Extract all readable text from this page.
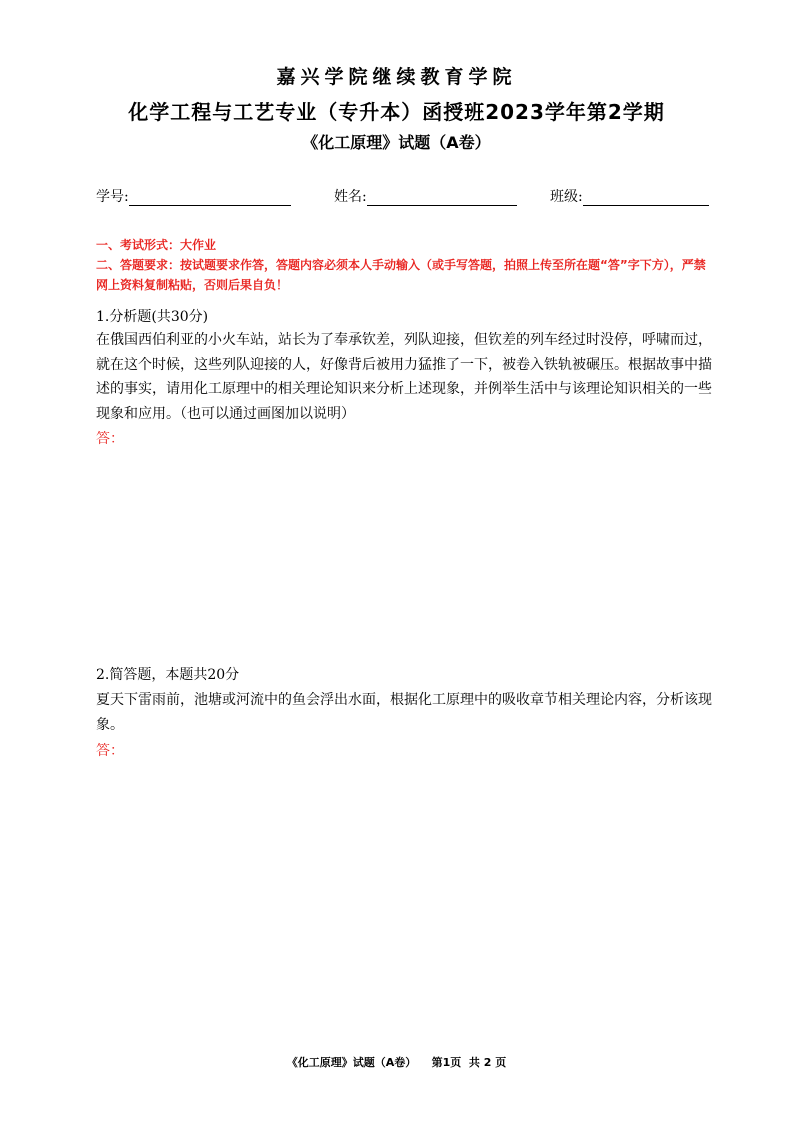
嘉兴学院继续教育学院
化学工程与工艺专业（专升本）函授班2023学年第2学期
《化工原理》试题（A卷）
学号:	姓名:	班级:
一、考试形式：大作业
二、答题要求：按试题要求作答，答题内容必须本人手动输入（或手写答题，拍照上传至所在题“答”字下方），严禁网上资料复制粘贴，否则后果自负！
1.分析题(共30分)
在俄国西伯利亚的小火车站，站长为了奉承钦差，列队迎接，但钦差的列车经过时没停，呼啸而过，就在这个时候，这些列队迎接的人，好像背后被用力猛推了一下，被卷入铁轨被碾压。根据故事中描述的事实，请用化工原理中的相关理论知识来分析上述现象，并例举生活中与该理论知识相关的一些现象和应用。（也可以通过画图加以说明）
答：
2.简答题，本题共20分
夏天下雷雨前，池塘或河流中的鱼会浮出水面，根据化工原理中的吸收章节相关理论内容，分析该现象。
答：
《化工原理》试题（A卷）    第1页  共 2 页
